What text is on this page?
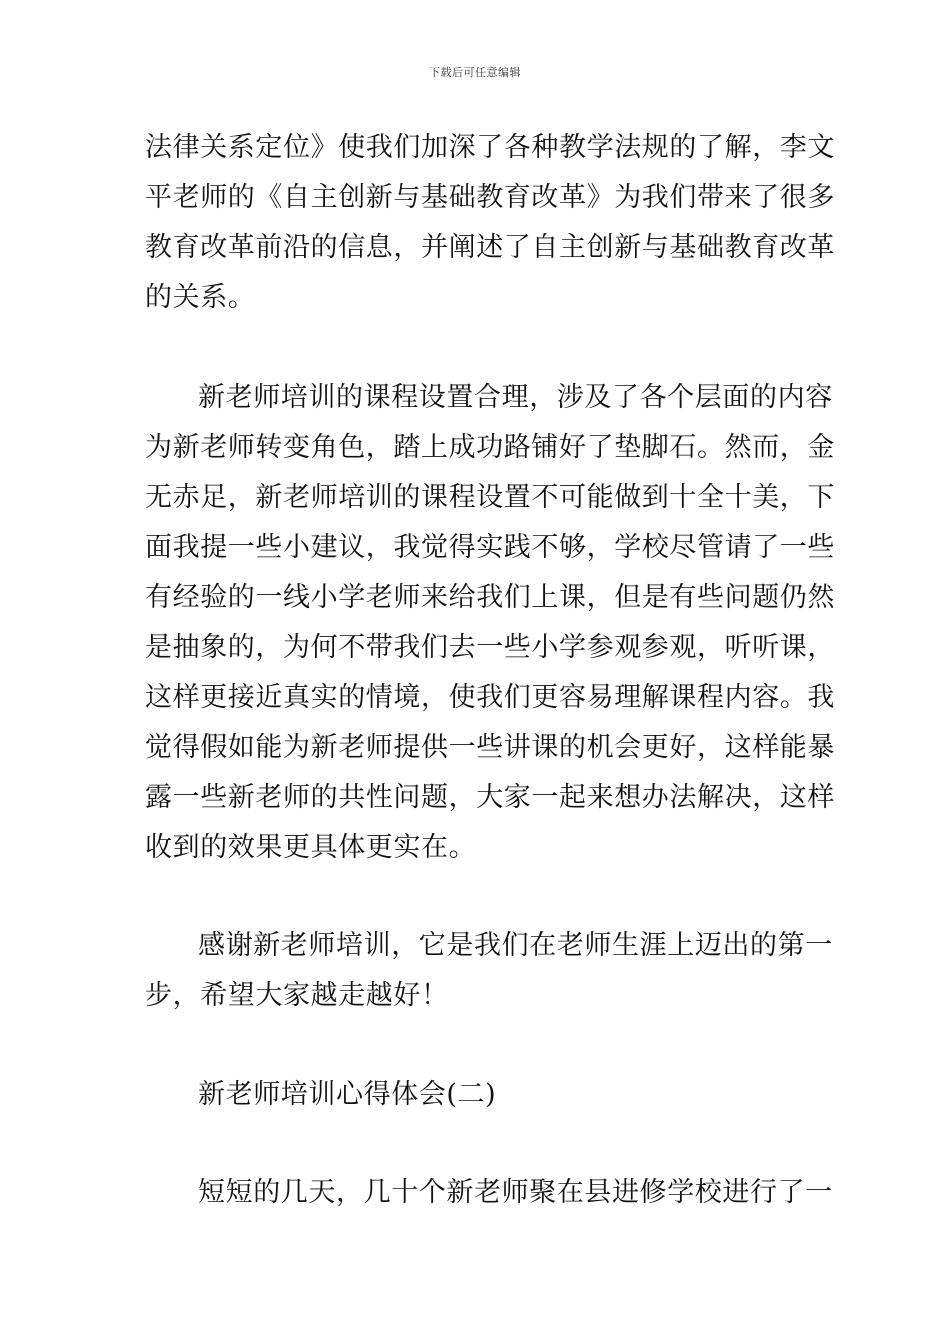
下载后可任意编辑
法律关系定位》使我们加深了各种教学法规的了解，李文
平老师的《自主创新与基础教育改革》为我们带来了很多
教育改革前沿的信息，并阐述了自主创新与基础教育改革
的关系。
新老师培训的课程设置合理，涉及了各个层面的内容
为新老师转变角色，踏上成功路铺好了垫脚石。然而，金
无赤足，新老师培训的课程设置不可能做到十全十美，下
面我提一些小建议，我觉得实践不够，学校尽管请了一些
有经验的一线小学老师来给我们上课，但是有些问题仍然
是抽象的，为何不带我们去一些小学参观参观，听听课，
这样更接近真实的情境，使我们更容易理解课程内容。我
觉得假如能为新老师提供一些讲课的机会更好，这样能暴
露一些新老师的共性问题，大家一起来想办法解决，这样
收到的效果更具体更实在。
感谢新老师培训，它是我们在老师生涯上迈出的第一
步，希望大家越走越好！
新老师培训心得体会(二)
短短的几天，几十个新老师聚在县进修学校进行了一
